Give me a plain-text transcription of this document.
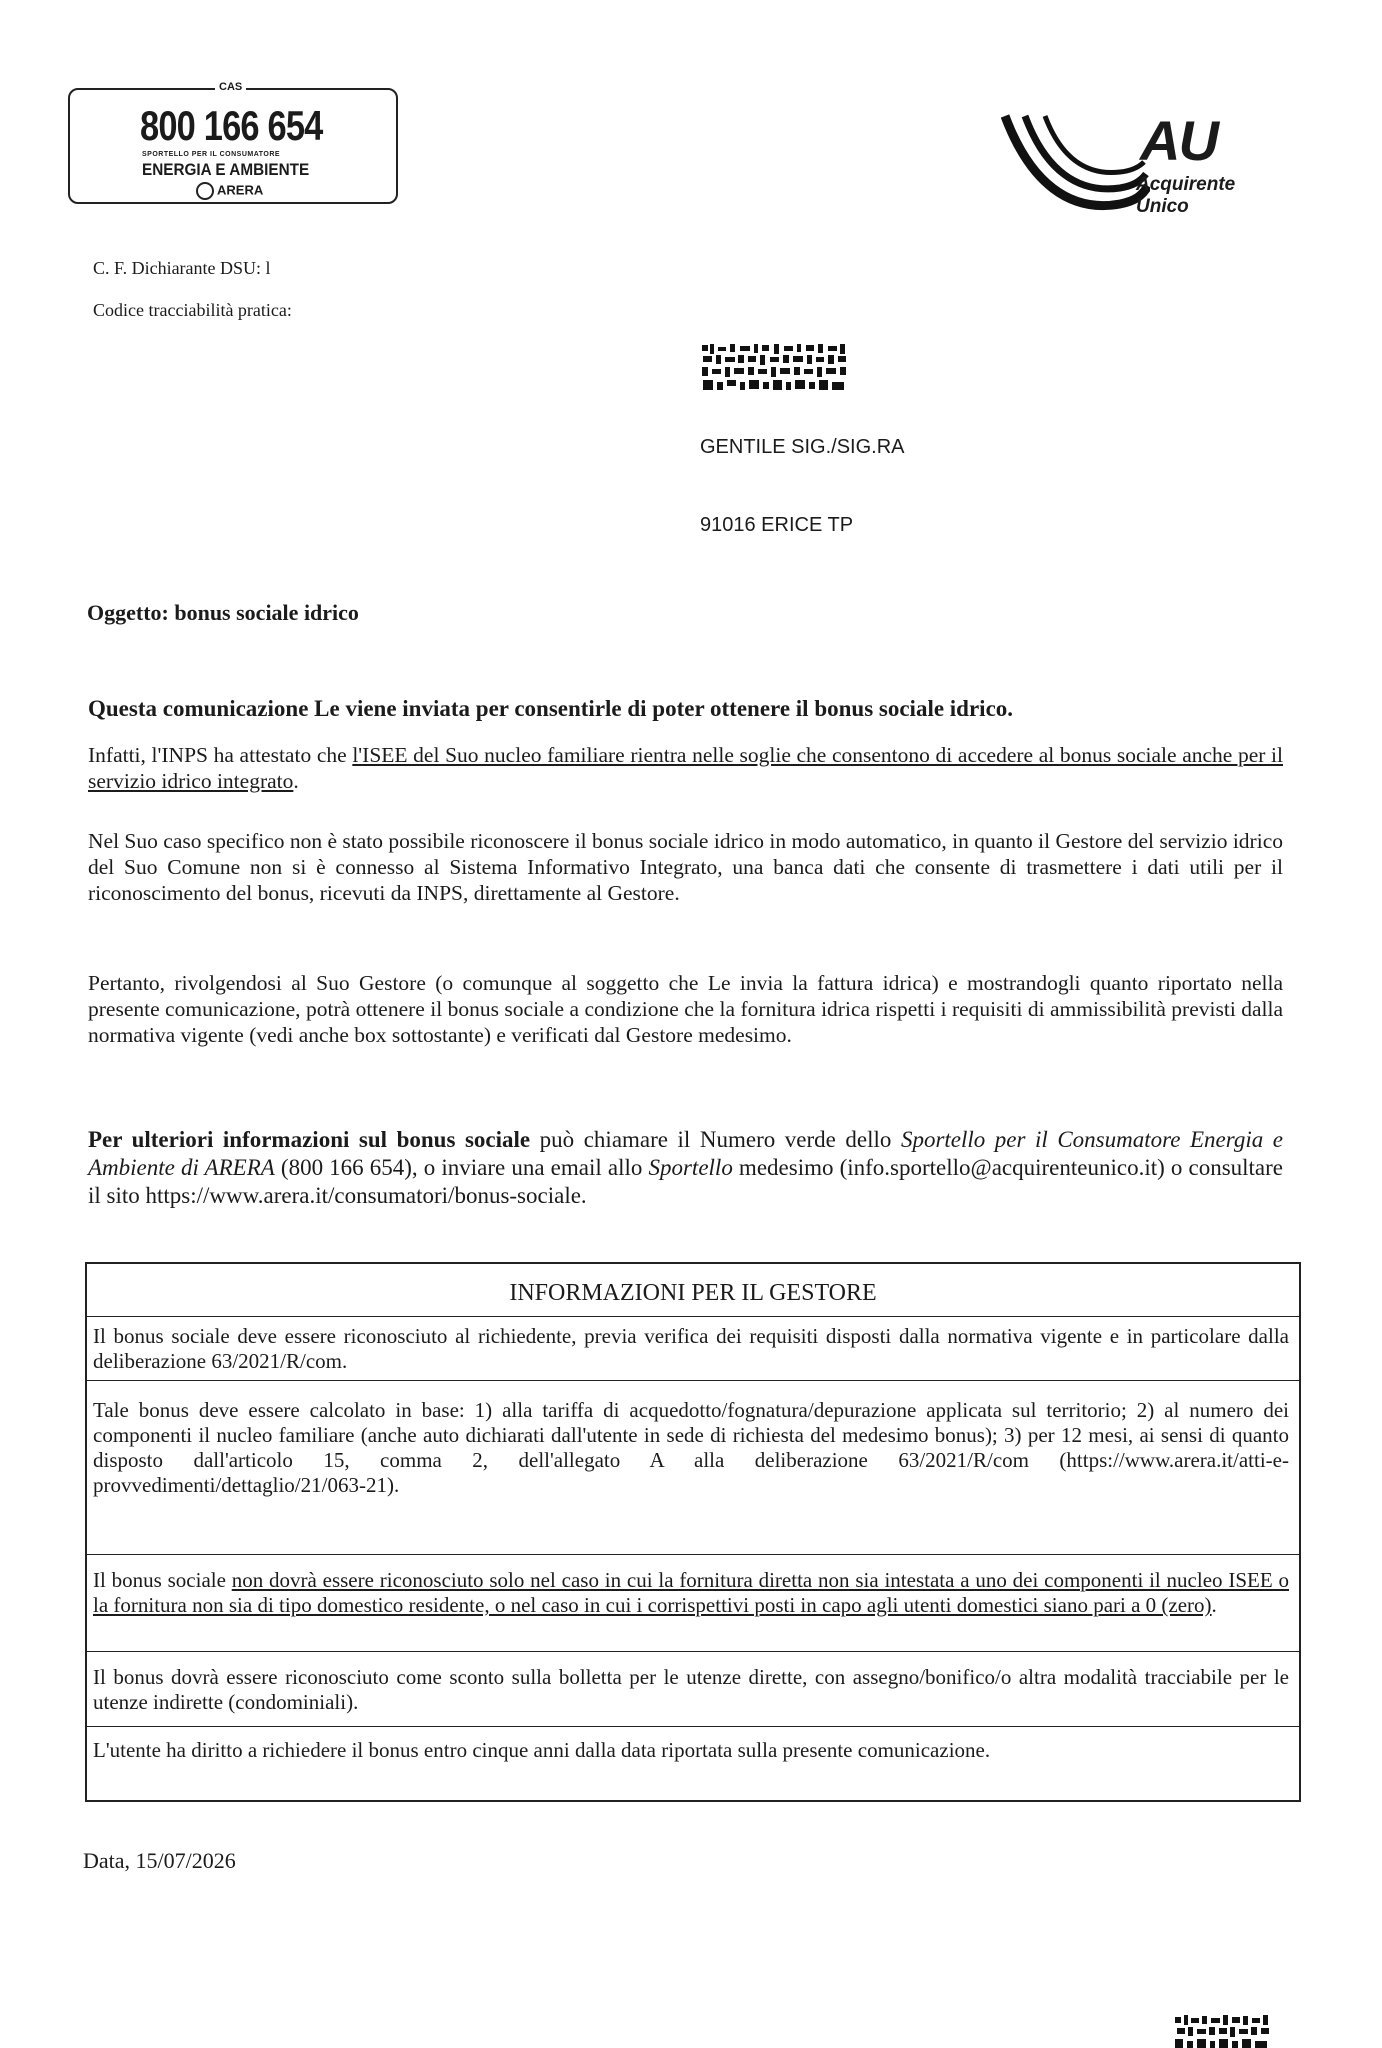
CAS
800 166 654
SPORTELLO PER IL CONSUMATORE
ENERGIA E AMBIENTE
ARERA
AU
Acquirente
Unico
C. F. Dichiarante DSU: l
Codice tracciabilità pratica:
GENTILE SIG./SIG.RA
91016 ERICE TP
Oggetto: bonus sociale idrico
Questa comunicazione Le viene inviata per consentirle di poter ottenere il bonus sociale idrico.
Infatti, l'INPS ha attestato che l'ISEE del Suo nucleo familiare rientra nelle soglie che consentono di accedere al bonus sociale anche per il servizio idrico integrato.
Nel Suo caso specifico non è stato possibile riconoscere il bonus sociale idrico in modo automatico, in quanto il Gestore del servizio idrico del Suo Comune non si è connesso al Sistema Informativo Integrato, una banca dati che consente di trasmettere i dati utili per il riconoscimento del bonus, ricevuti da INPS, direttamente al Gestore.
Pertanto, rivolgendosi al Suo Gestore (o comunque al soggetto che Le invia la fattura idrica) e mostrandogli quanto riportato nella presente comunicazione, potrà ottenere il bonus sociale a condizione che la fornitura idrica rispetti i requisiti di ammissibilità previsti dalla normativa vigente (vedi anche box sottostante) e verificati dal Gestore medesimo.
Per ulteriori informazioni sul bonus sociale può chiamare il Numero verde dello Sportello per il Consumatore Energia e Ambiente di ARERA (800 166 654), o inviare una email allo Sportello medesimo (info.sportello@acquirenteunico.it) o consultare il sito https://www.arera.it/consumatori/bonus-sociale.
INFORMAZIONI PER IL GESTORE
Il bonus sociale deve essere riconosciuto al richiedente, previa verifica dei requisiti disposti dalla normativa vigente e in particolare dalla deliberazione 63/2021/R/com.
Tale bonus deve essere calcolato in base: 1) alla tariffa di acquedotto/fognatura/depurazione applicata sul territorio; 2) al numero dei componenti il nucleo familiare (anche auto dichiarati dall'utente in sede di richiesta del medesimo bonus); 3) per 12 mesi, ai sensi di quanto disposto dall'articolo 15, comma 2, dell'allegato A alla deliberazione 63/2021/R/com (https://www.arera.it/atti-e-provvedimenti/dettaglio/21/063-21).
Il bonus sociale non dovrà essere riconosciuto solo nel caso in cui la fornitura diretta non sia intestata a uno dei componenti il nucleo ISEE o la fornitura non sia di tipo domestico residente, o nel caso in cui i corrispettivi posti in capo agli utenti domestici siano pari a 0 (zero).
Il bonus dovrà essere riconosciuto come sconto sulla bolletta per le utenze dirette, con assegno/bonifico/o altra modalità tracciabile per le utenze indirette (condominiali).
L'utente ha diritto a richiedere il bonus entro cinque anni dalla data riportata sulla presente comunicazione.
Data, 15/07/2026
